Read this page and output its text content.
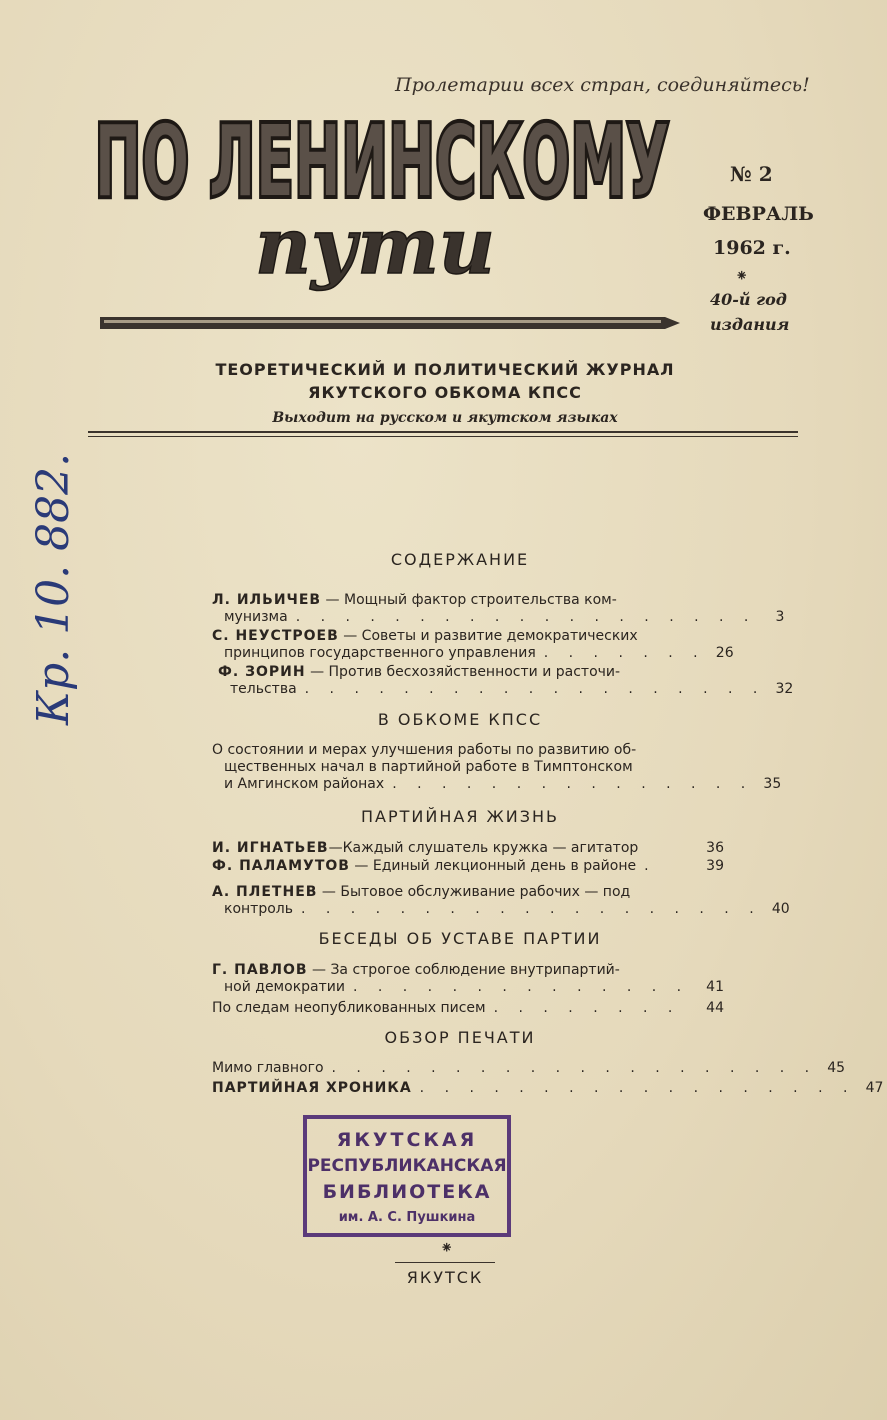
Пролетарии всех стран, соединяйтесь!
ПО ЛЕНИНСКОМУ
ПО ЛЕНИНСКОМУ
пути
№ 2
ФЕВРАЛЬ
1962 г.
⁕
40-й год
издания
ТЕОРЕТИЧЕСКИЙ И ПОЛИТИЧЕСКИЙ ЖУРНАЛ
ЯКУТСКОГО ОБКОМА КПСС
Выходит на русском и якутском языках
Кр. 10. 882.	СОДЕРЖАНИЕ
Л. ИЛЬИЧЕВ — Мощный фактор строительства ком-
мунизма . . . . . . . . . . . . . . . . . . .	3
С. НЕУСТРОЕВ — Советы и развитие демократических
принципов государственного управления . . . . . . . 26
Ф. ЗОРИН — Против бесхозяйственности и расточи-
тельства . . . . . . . . . . . . . . . . . . . 32
В ОБКОМЕ КПСС
О состоянии и мерах улучшения работы по развитию об-
щественных начал в партийной работе в Тимптонском
и Амгинском районах . . . . . . . . . . . . . . . 35
ПАРТИЙНАЯ ЖИЗНЬ
И. ИГНАТЬЕВ—Каждый слушатель кружка — агитатор	36
Ф. ПАЛАМУТОВ — Единый лекционный день в районе .	39
А. ПЛЕТНЕВ — Бытовое обслуживание рабочих — под
контроль . . . . . . . . . . . . . . . . . . . 40
БЕСЕДЫ ОБ УСТАВЕ ПАРТИИ
Г. ПАВЛОВ — За строгое соблюдение внутрипартий-
ной демократии . . . . . . . . . . . . . .	41
По следам неопубликованных писем . . . . . . . .	44
ОБЗОР ПЕЧАТИ
Мимо главного . . . . . . . . . . . . . . . . . . . . 45
ПАРТИЙНАЯ ХРОНИКА . . . . . . . . . . . . . . . . . . 47
ЯКУТСКАЯ
РЕСПУБЛИКАНСКАЯ
БИБЛИОТЕКА
им. А. С. Пушкина
⁕
ЯКУТСК
